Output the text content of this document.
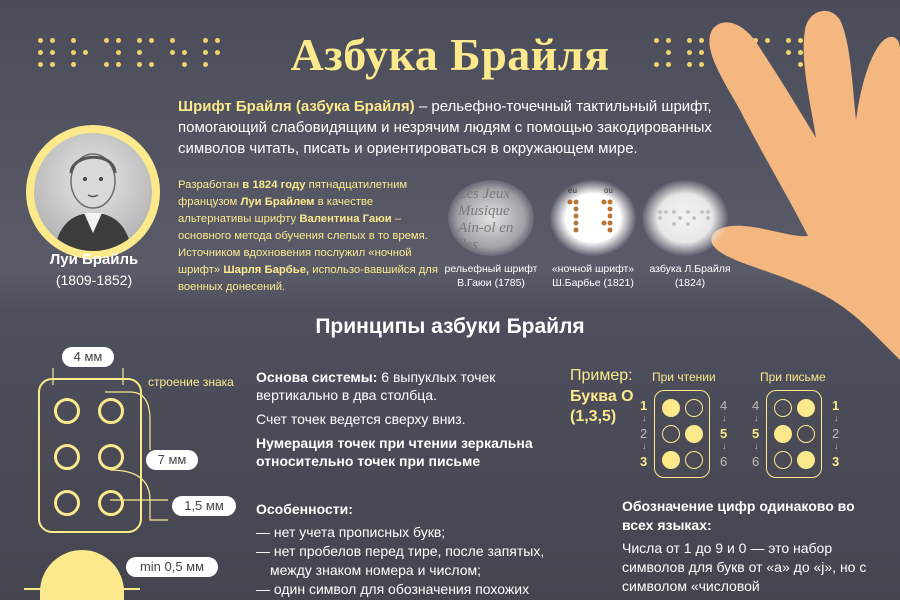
Азбука Брайля

Шрифт Брайля (азбука Брайля) – рельефно-точечный тактильный шрифт, помогающий слабовидящим и незрячим людям с помощью закодированных символов читать, писать и ориентироваться в окружающем мире.

Луи Брайль
(1809-1852)

Разработан в 1824 году пятнадцатилетним французом Луи Брайлем в качестве альтернативы шрифту Валентина Гаюи – основного метода обучения слепых в то время. Источником вдохновения послужил «ночной шрифт» Шарля Барбье, использо-вавшийся для военных донесений.

Les Jeux Musique Ain-ol en des
eu	ou
рельефный шрифт В.Гаюи (1785)
«ночной шрифт» Ш.Барбье (1821)
азбука Л.Брайля (1824)
Принципы азбуки Брайля
4 мм
строение знака
7 мм
1,5 мм
min 0,5 мм

Основа системы: 6 выпуклых точек вертикально в два столбца.

Счет точек ведется сверху вниз.

Нумерация точек при чтении зеркальна относительно точек при письме

Особенности:
— нет учета прописных букв;
— нет пробелов перед тире, после запятых, между знаком номера и числом;
— один символ для обозначения похожих
Пример:
Буква О
(1,3,5)
При чтении	При письме
1
↓
2
↓
3
4
↓
5
↓
6
4
↓
5
↓
6
1
↓
2
↓
3
Обозначение цифр одинаково во всех языках:
Числа от 1 до 9 и 0 — это набор символов для букв от «а» до «j», но с символом «числовой
